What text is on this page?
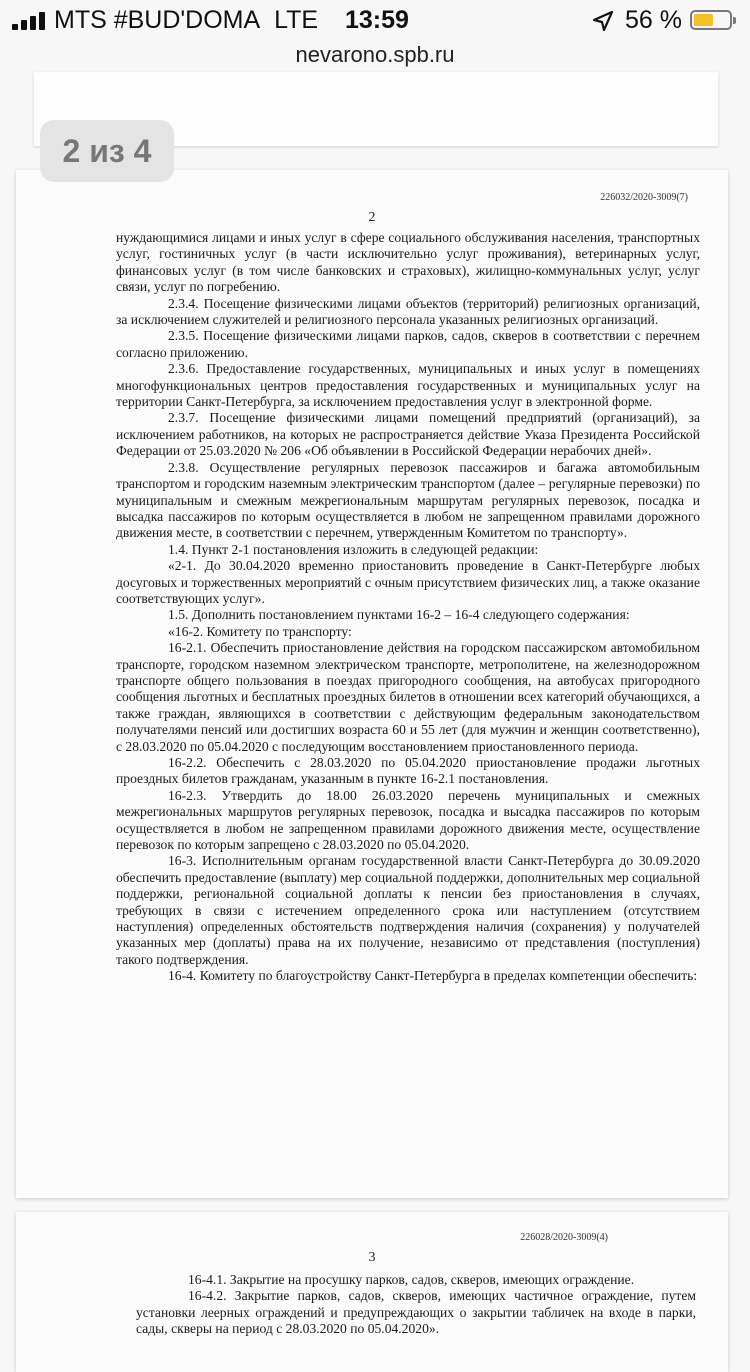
MTS #BUD'DOMA LTE 13:59	56 %
nevarono.spb.ru
226032/2020-3009(7)
2

нуждающимися лицами и иных услуг в сфере социального обслуживания населения, транспортных услуг, гостиничных услуг (в части исключительно услуг проживания), ветеринарных услуг, финансовых услуг (в том числе банковских и страховых), жилищно-коммунальных услуг, услуг связи, услуг по погребению.

2.3.4. Посещение физическими лицами объектов (территорий) религиозных организаций, за исключением служителей и религиозного персонала указанных религиозных организаций.

2.3.5. Посещение физическими лицами парков, садов, скверов в соответствии с перечнем согласно приложению.

2.3.6. Предоставление государственных, муниципальных и иных услуг в помещениях многофункциональных центров предоставления государственных и муниципальных услуг на территории Санкт-Петербурга, за исключением предоставления услуг в электронной форме.

2.3.7. Посещение физическими лицами помещений предприятий (организаций), за исключением работников, на которых не распространяется действие Указа Президента Российской Федерации от 25.03.2020 № 206 «Об объявлении в Российской Федерации нерабочих дней».

2.3.8. Осуществление регулярных перевозок пассажиров и багажа автомобильным транспортом и городским наземным электрическим транспортом (далее – регулярные перевозки) по муниципальным и смежным межрегиональным маршрутам регулярных перевозок, посадка и высадка пассажиров по которым осуществляется в любом не запрещенном правилами дорожного движения месте, в соответствии с перечнем, утвержденным Комитетом по транспорту».

1.4. Пункт 2-1 постановления изложить в следующей редакции:

«2-1. До 30.04.2020 временно приостановить проведение в Санкт-Петербурге любых досуговых и торжественных мероприятий с очным присутствием физических лиц, а также оказание соответствующих услуг».

1.5. Дополнить постановлением пунктами 16-2 – 16-4 следующего содержания:

«16-2. Комитету по транспорту:

16-2.1. Обеспечить приостановление действия на городском пассажирском автомобильном транспорте, городском наземном электрическом транспорте, метрополитене, на железнодорожном транспорте общего пользования в поездах пригородного сообщения, на автобусах пригородного сообщения льготных и бесплатных проездных билетов в отношении всех категорий обучающихся, а также граждан, являющихся в соответствии с действующим федеральным законодательством получателями пенсий или достигших возраста 60 и 55 лет (для мужчин и женщин соответственно), с 28.03.2020 по 05.04.2020 с последующим восстановлением приостановленного периода.

16-2.2. Обеспечить с 28.03.2020 по 05.04.2020 приостановление продажи льготных проездных билетов гражданам, указанным в пункте 16-2.1 постановления.

16-2.3. Утвердить до 18.00 26.03.2020 перечень муниципальных и смежных межрегиональных маршрутов регулярных перевозок, посадка и высадка пассажиров по которым осуществляется в любом не запрещенном правилами дорожного движения месте, осуществление перевозок по которым запрещено с 28.03.2020 по 05.04.2020.

16-3. Исполнительным органам государственной власти Санкт-Петербурга до 30.09.2020 обеспечить предоставление (выплату) мер социальной поддержки, дополнительных мер социальной поддержки, региональной социальной доплаты к пенсии без приостановления в случаях, требующих в связи с истечением определенного срока или наступлением (отсутствием наступления) определенных обстоятельств подтверждения наличия (сохранения) у получателей указанных мер (доплаты) права на их получение, независимо от представления (поступления) такого подтверждения.

16-4. Комитету по благоустройству Санкт-Петербурга в пределах компетенции обеспечить:

2 из 4
226028/2020-3009(4)
3

16-4.1. Закрытие на просушку парков, садов, скверов, имеющих ограждение.

16-4.2. Закрытие парков, садов, скверов, имеющих частичное ограждение, путем установки леерных ограждений и предупреждающих о закрытии табличек на входе в парки, сады, скверы на период с 28.03.2020 по 05.04.2020».
